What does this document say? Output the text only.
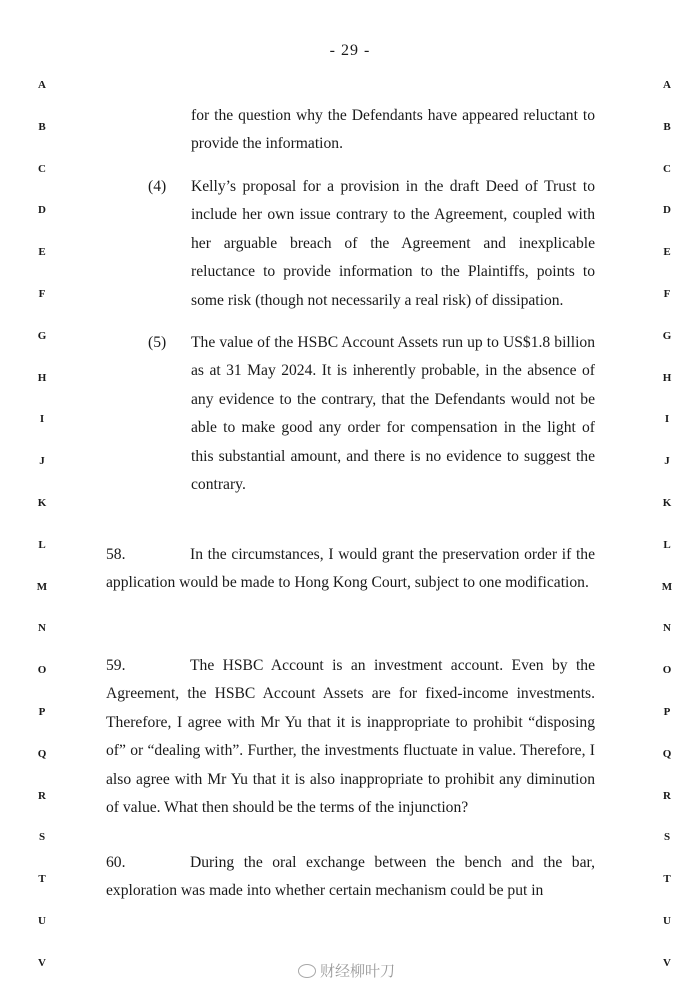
- 29 -
A
B
C
D
E
F
G
H
I
J
K
L
M
N
O
P
Q
R
S
T
U
V
A
B
C
D
E
F
G
H
I
J
K
L
M
N
O
P
Q
R
S
T
U
V
for the question why the Defendants have appeared reluctant to provide the information.
(4)	Kelly’s proposal for a provision in the draft Deed of Trust to include her own issue contrary to the Agreement, coupled with her arguable breach of the Agreement and inexplicable reluctance to provide information to the Plaintiffs, points to some risk (though not necessarily a real risk) of dissipation.
(5)	The value of the HSBC Account Assets run up to US$1.8 billion as at 31 May 2024. It is inherently probable, in the absence of any evidence to the contrary, that the Defendants would not be able to make good any order for compensation in the light of this substantial amount, and there is no evidence to suggest the contrary.
58.	In the circumstances, I would grant the preservation order if the application would be made to Hong Kong Court, subject to one modification.
59.	The HSBC Account is an investment account. Even by the Agreement, the HSBC Account Assets are for fixed-income investments. Therefore, I agree with Mr Yu that it is inappropriate to prohibit “disposing of” or “dealing with”. Further, the investments fluctuate in value. Therefore, I also agree with Mr Yu that it is also inappropriate to prohibit any diminution of value. What then should be the terms of the injunction?
60.	During the oral exchange between the bench and the bar, exploration was made into whether certain mechanism could be put in
财经柳叶刀
